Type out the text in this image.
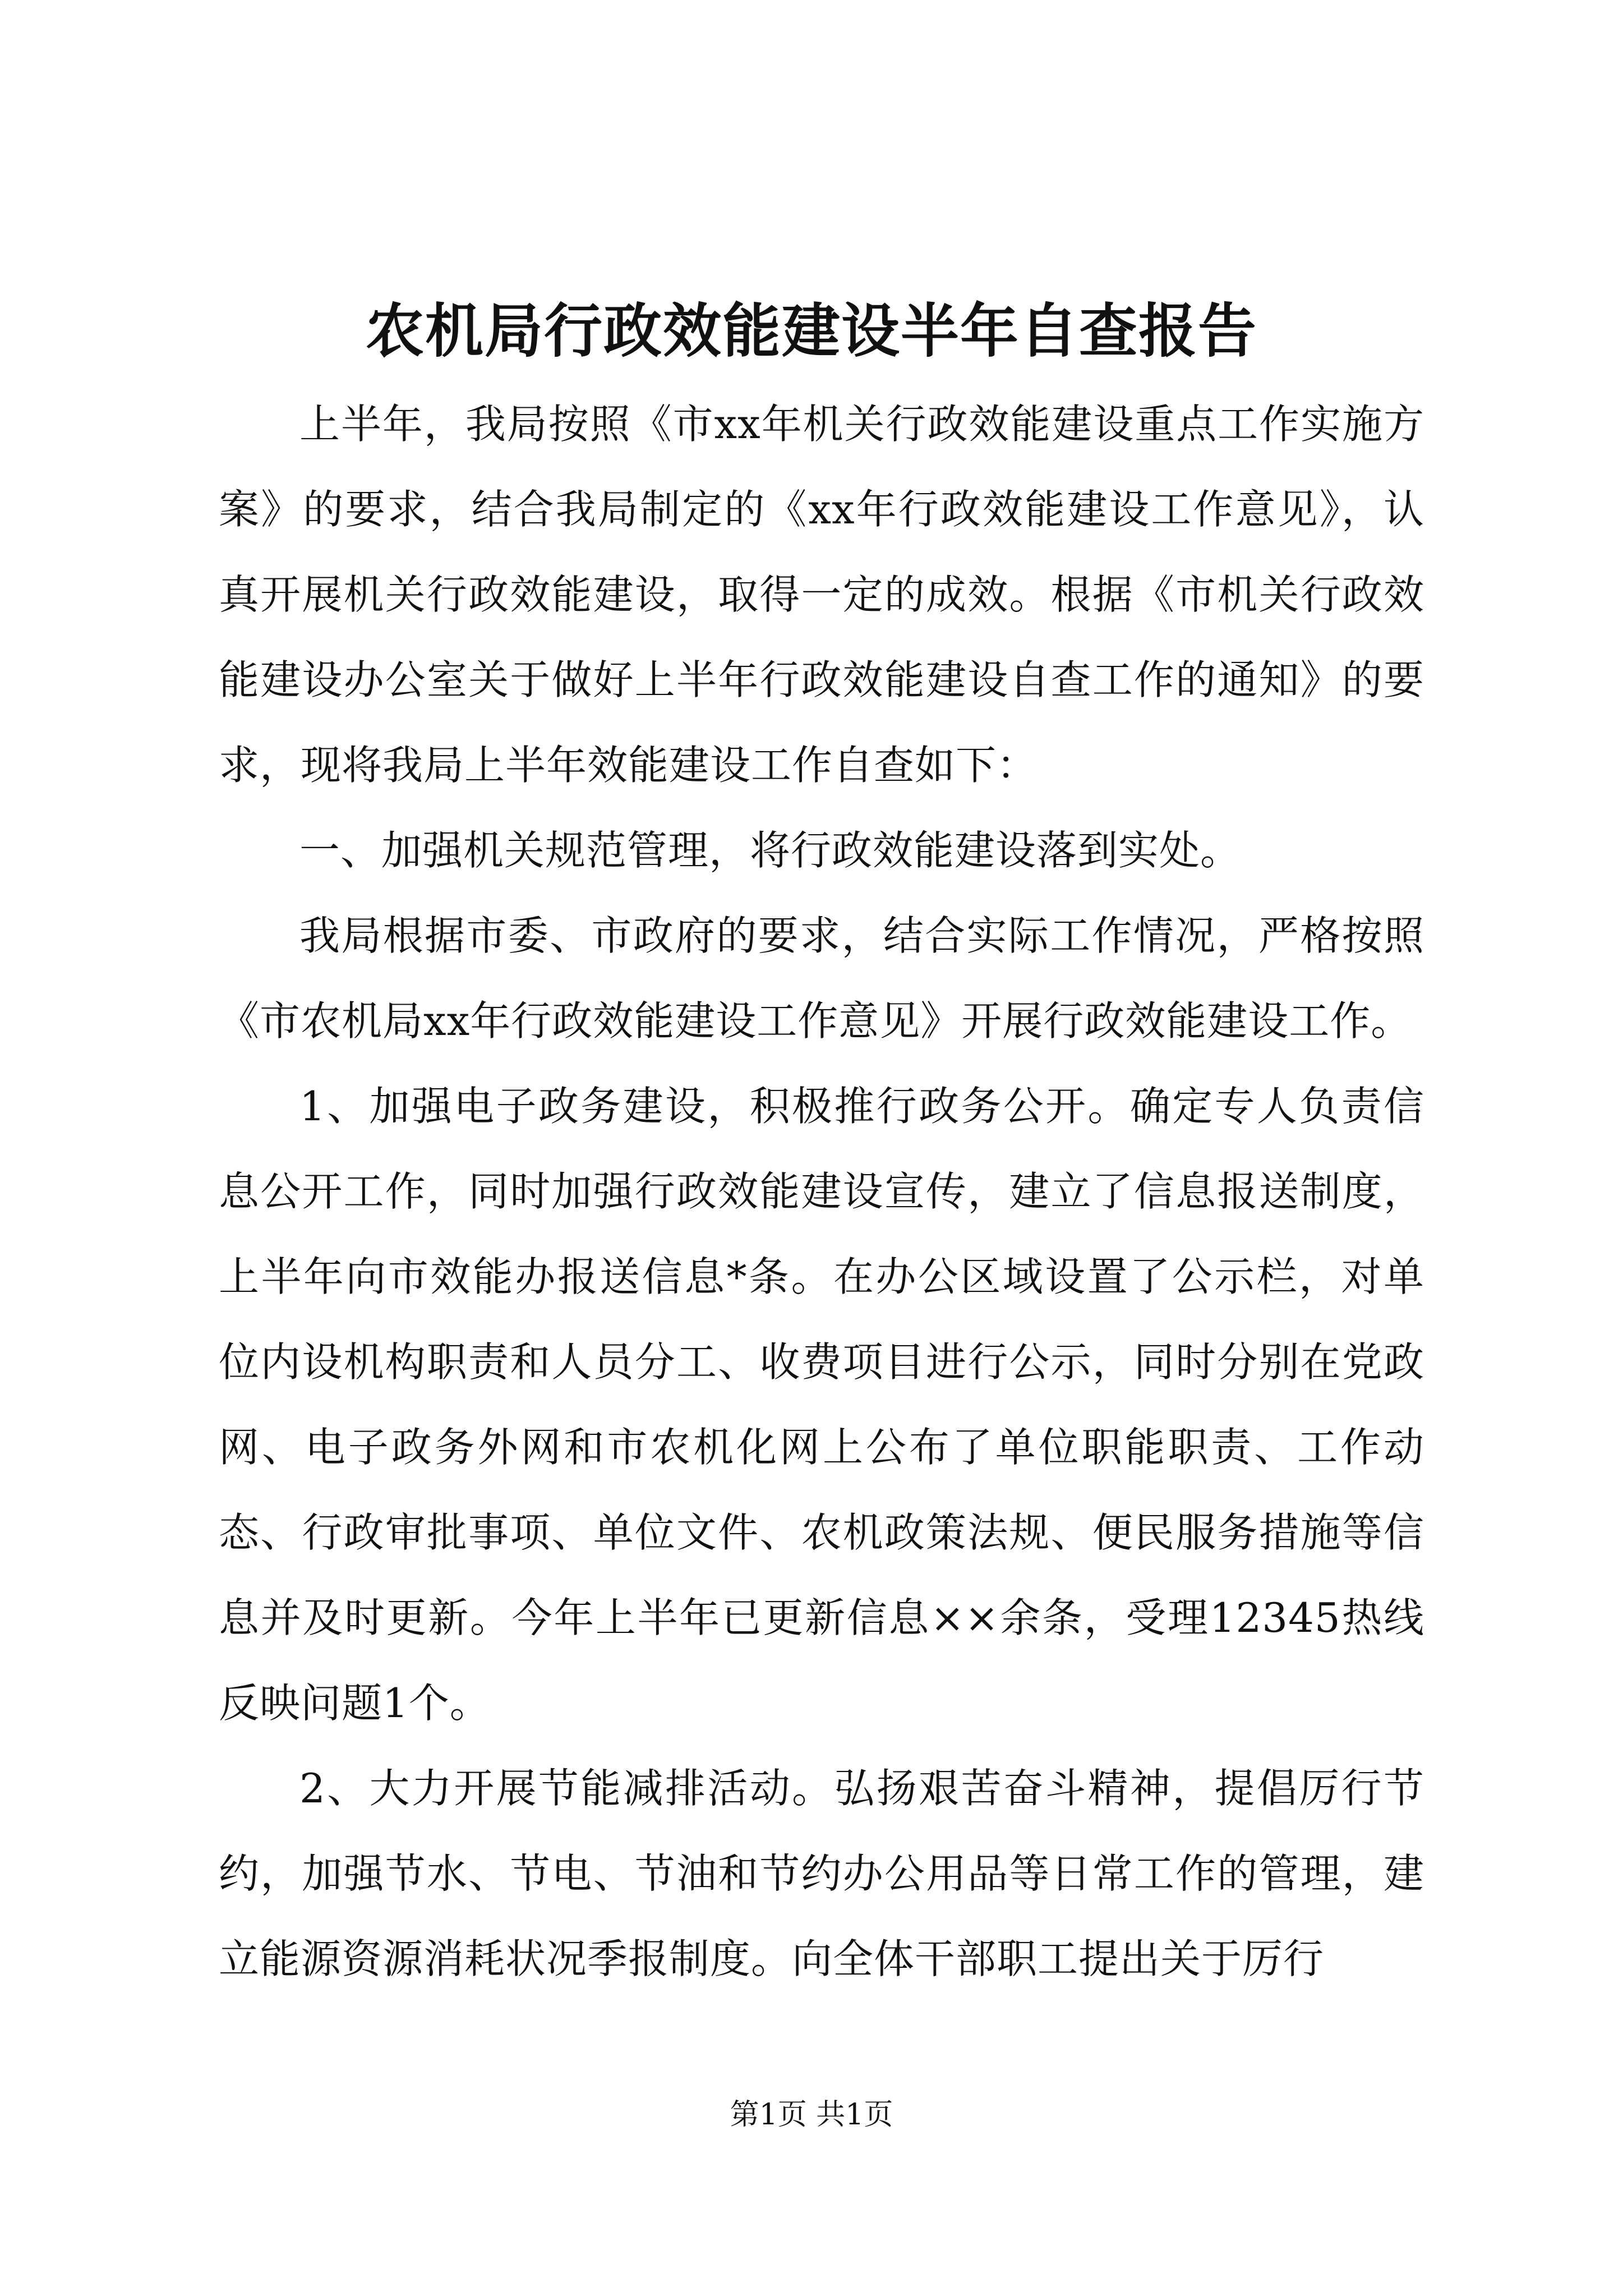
农机局行政效能建设半年自查报告

上半年，我局按照《市xx年机关行政效能建设重点工作实施方案》的要求，结合我局制定的《xx年行政效能建设工作意见》，认真开展机关行政效能建设，取得一定的成效。根据《市机关行政效能建设办公室关于做好上半年行政效能建设自查工作的通知》的要求，现将我局上半年效能建设工作自查如下：

一、加强机关规范管理，将行政效能建设落到实处。

我局根据市委、市政府的要求，结合实际工作情况，严格按照《市农机局xx年行政效能建设工作意见》开展行政效能建设工作。

1、加强电子政务建设，积极推行政务公开。确定专人负责信息公开工作，同时加强行政效能建设宣传，建立了信息报送制度，上半年向市效能办报送信息*条。在办公区域设置了公示栏，对单位内设机构职责和人员分工、收费项目进行公示，同时分别在党政网、电子政务外网和市农机化网上公布了单位职能职责、工作动态、行政审批事项、单位文件、农机政策法规、便民服务措施等信息并及时更新。今年上半年已更新信息××余条，受理12345热线反映问题1个。

2、大力开展节能减排活动。弘扬艰苦奋斗精神，提倡厉行节约，加强节水、节电、节油和节约办公用品等日常工作的管理，建立能源资源消耗状况季报制度。向全体干部职工提出关于厉行

第1页 共1页
